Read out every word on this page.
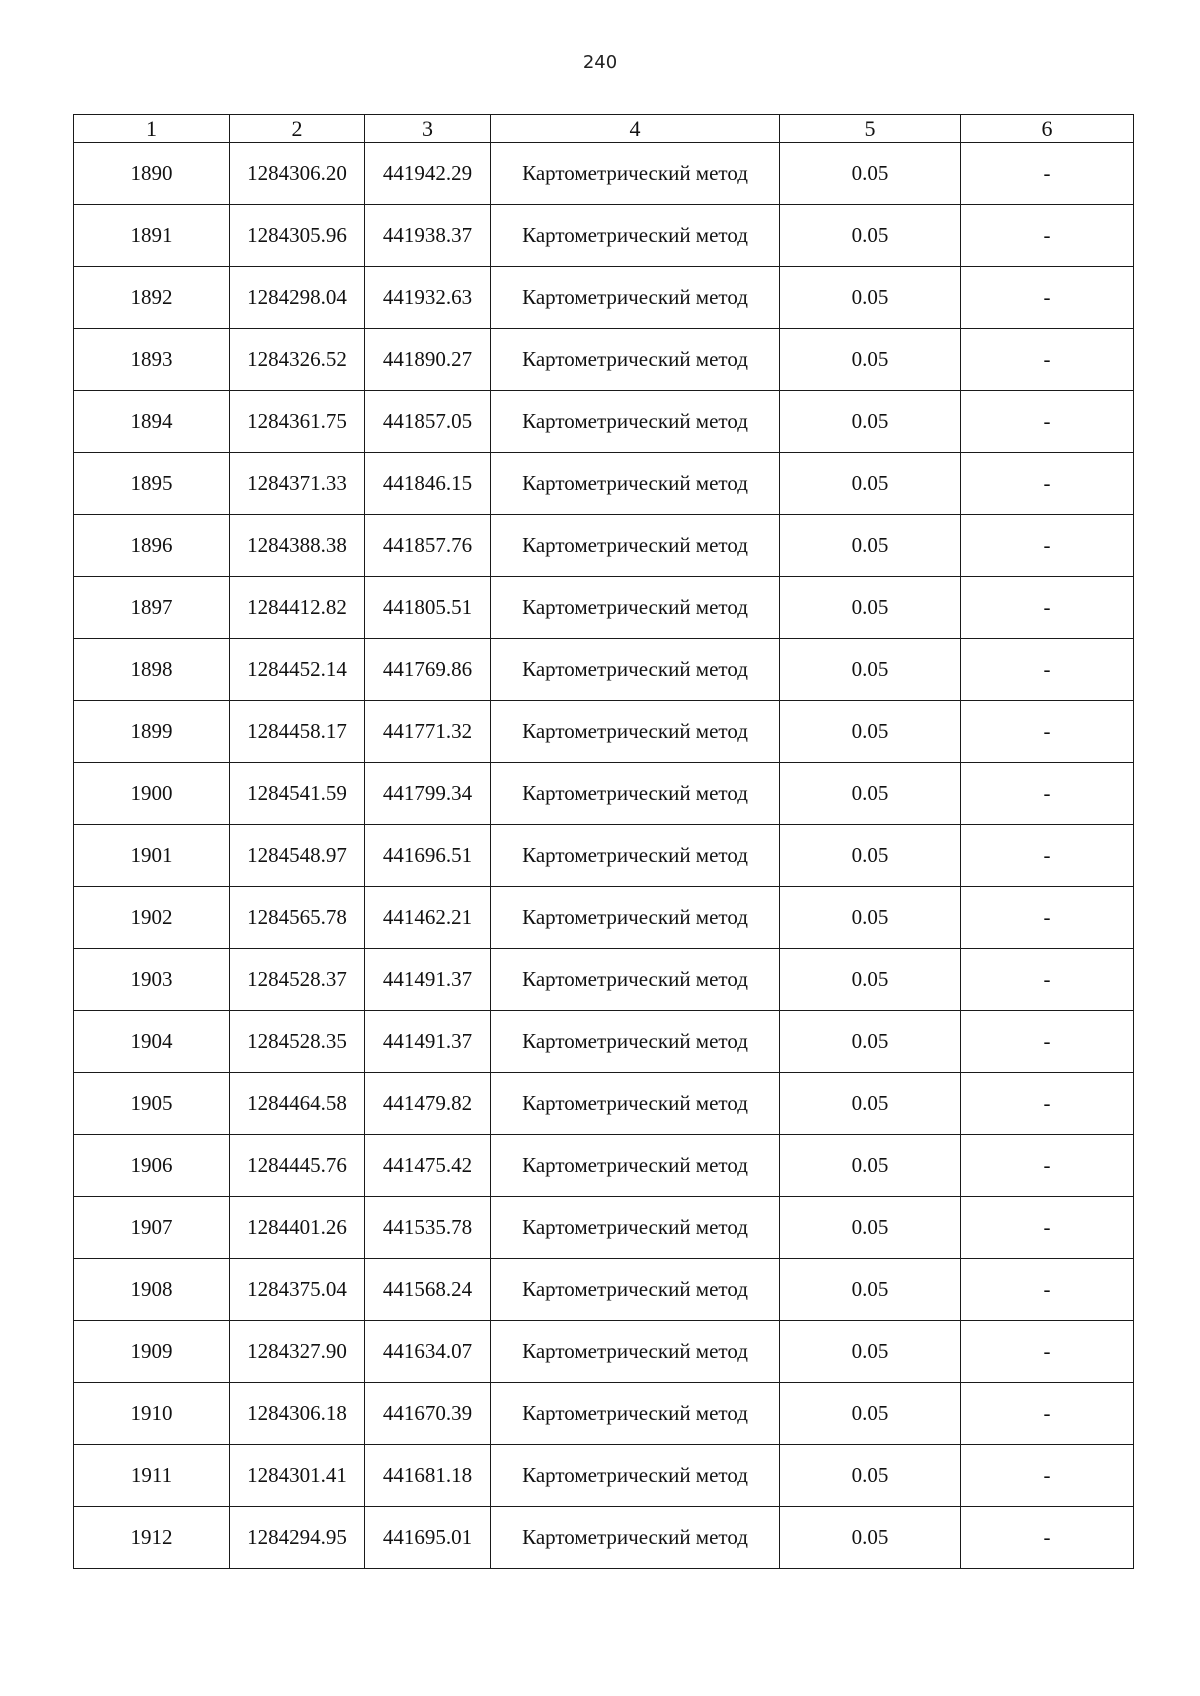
240
1	2	3	4	5	6
1890	1284306.20	441942.29	Картометрический метод	0.05	-
1891	1284305.96	441938.37	Картометрический метод	0.05	-
1892	1284298.04	441932.63	Картометрический метод	0.05	-
1893	1284326.52	441890.27	Картометрический метод	0.05	-
1894	1284361.75	441857.05	Картометрический метод	0.05	-
1895	1284371.33	441846.15	Картометрический метод	0.05	-
1896	1284388.38	441857.76	Картометрический метод	0.05	-
1897	1284412.82	441805.51	Картометрический метод	0.05	-
1898	1284452.14	441769.86	Картометрический метод	0.05	-
1899	1284458.17	441771.32	Картометрический метод	0.05	-
1900	1284541.59	441799.34	Картометрический метод	0.05	-
1901	1284548.97	441696.51	Картометрический метод	0.05	-
1902	1284565.78	441462.21	Картометрический метод	0.05	-
1903	1284528.37	441491.37	Картометрический метод	0.05	-
1904	1284528.35	441491.37	Картометрический метод	0.05	-
1905	1284464.58	441479.82	Картометрический метод	0.05	-
1906	1284445.76	441475.42	Картометрический метод	0.05	-
1907	1284401.26	441535.78	Картометрический метод	0.05	-
1908	1284375.04	441568.24	Картометрический метод	0.05	-
1909	1284327.90	441634.07	Картометрический метод	0.05	-
1910	1284306.18	441670.39	Картометрический метод	0.05	-
1911	1284301.41	441681.18	Картометрический метод	0.05	-
1912	1284294.95	441695.01	Картометрический метод	0.05	-
